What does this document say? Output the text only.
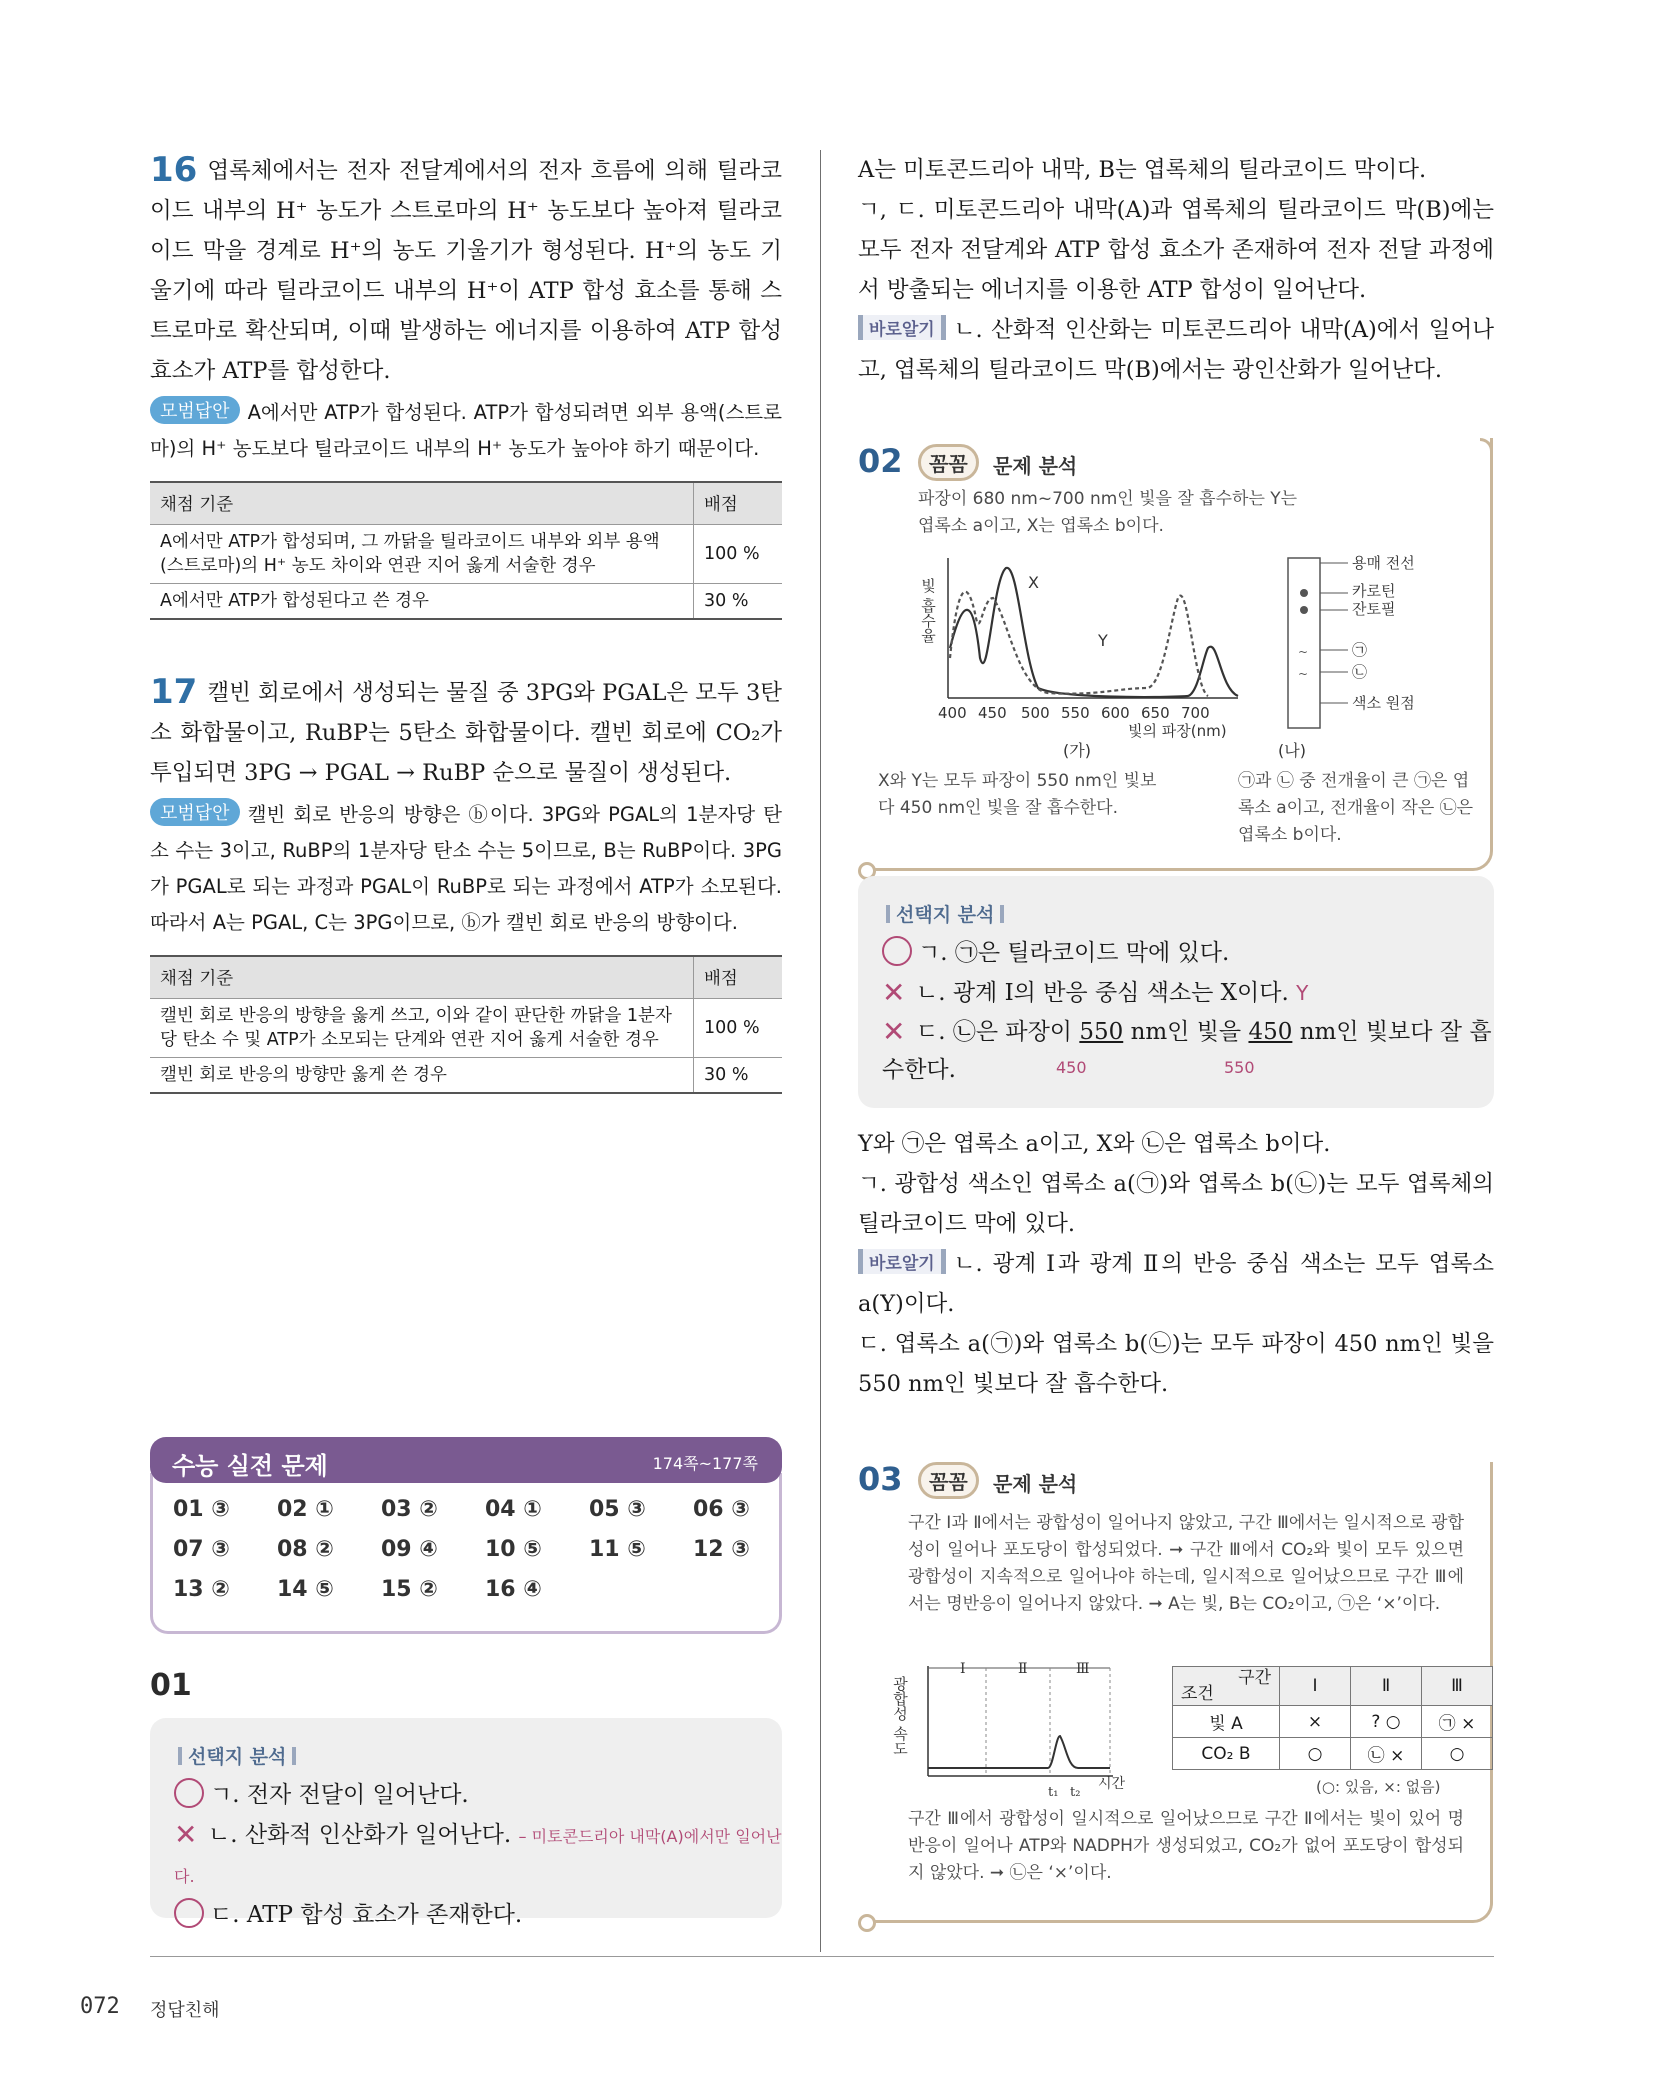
16 엽록체에서는 전자 전달계에서의 전자 흐름에 의해 틸라코이드 내부의 H⁺ 농도가 스트로마의 H⁺ 농도보다 높아져 틸라코이드 막을 경계로 H⁺의 농도 기울기가 형성된다. H⁺의 농도 기울기에 따라 틸라코이드 내부의 H⁺이 ATP 합성 효소를 통해 스트로마로 확산되며, 이때 발생하는 에너지를 이용하여 ATP 합성 효소가 ATP를 합성한다.

모범답안 A에서만 ATP가 합성된다. ATP가 합성되려면 외부 용액(스트로마)의 H⁺ 농도보다 틸라코이드 내부의 H⁺ 농도가 높아야 하기 때문이다.

채점 기준	배점
A에서만 ATP가 합성되며, 그 까닭을 틸라코이드 내부와 외부 용액(스트로마)의 H⁺ 농도 차이와 연관 지어 옳게 서술한 경우	100 %
A에서만 ATP가 합성된다고 쓴 경우	30 %

17 캘빈 회로에서 생성되는 물질 중 3PG와 PGAL은 모두 3탄소 화합물이고, RuBP는 5탄소 화합물이다. 캘빈 회로에 CO₂가 투입되면 3PG → PGAL → RuBP 순으로 물질이 생성된다.

모범답안 캘빈 회로 반응의 방향은 ⓑ이다. 3PG와 PGAL의 1분자당 탄소 수는 3이고, RuBP의 1분자당 탄소 수는 5이므로, B는 RuBP이다. 3PG가 PGAL로 되는 과정과 PGAL이 RuBP로 되는 과정에서 ATP가 소모된다. 따라서 A는 PGAL, C는 3PG이므로, ⓑ가 캘빈 회로 반응의 방향이다.

채점 기준	배점
캘빈 회로 반응의 방향을 옳게 쓰고, 이와 같이 판단한 까닭을 1분자당 탄소 수 및 ATP가 소모되는 단계와 연관 지어 옳게 서술한 경우	100 %
캘빈 회로 반응의 방향만 옳게 쓴 경우	30 %
수능 실전 문제	174쪽~177쪽
01 ③	02 ①	03 ②	04 ①	05 ③	06 ③
07 ③	08 ②	09 ④	10 ⑤	11 ⑤	12 ③
13 ②	14 ⑤	15 ②	16 ④
01
선택지 분석
ㄱ. 전자 전달이 일어난다.
✕ ㄴ. 산화적 인산화가 일어난다. – 미토콘드리아 내막(A)에서만 일어난다.
ㄷ. ATP 합성 효소가 존재한다.

A는 미토콘드리아 내막, B는 엽록체의 틸라코이드 막이다.

ㄱ, ㄷ. 미토콘드리아 내막(A)과 엽록체의 틸라코이드 막(B)에는 모두 전자 전달계와 ATP 합성 효소가 존재하여 전자 전달 과정에서 방출되는 에너지를 이용한 ATP 합성이 일어난다.

바로알기 ㄴ. 산화적 인산화는 미토콘드리아 내막(A)에서 일어나고, 엽록체의 틸라코이드 막(B)에서는 광인산화가 일어난다.

02	꼼꼼	문제 분석
파장이 680 nm~700 nm인 빛을 잘 흡수하는 Y는 엽록소 a이고, X는 엽록소 b이다.
빛 흡수율	X
Y
400 450 500 550 600 650 700
빛의 파장(nm)
(가)
~
~
용매 전선
카로틴
잔토필
㉠
㉡
색소 원점
(나)
X와 Y는 모두 파장이 550 nm인 빛보다 450 nm인 빛을 잘 흡수한다.
㉠과 ㉡ 중 전개율이 큰 ㉠은 엽록소 a이고, 전개율이 작은 ㉡은 엽록소 b이다.
선택지 분석
ㄱ. ㉠은 틸라코이드 막에 있다.
✕ ㄴ. 광계 Ⅰ의 반응 중심 색소는 X이다. Y
✕ ㄷ. ㉡은 파장이 550 nm인 빛을 450 nm인 빛보다 잘 흡수한다.	450	550

Y와 ㉠은 엽록소 a이고, X와 ㉡은 엽록소 b이다.

ㄱ. 광합성 색소인 엽록소 a(㉠)와 엽록소 b(㉡)는 모두 엽록체의 틸라코이드 막에 있다.

바로알기 ㄴ. 광계 Ⅰ과 광계 Ⅱ의 반응 중심 색소는 모두 엽록소 a(Y)이다.

ㄷ. 엽록소 a(㉠)와 엽록소 b(㉡)는 모두 파장이 450 nm인 빛을 550 nm인 빛보다 잘 흡수한다.

03	꼼꼼	문제 분석
구간 Ⅰ과 Ⅱ에서는 광합성이 일어나지 않았고, 구간 Ⅲ에서는 일시적으로 광합성이 일어나 포도당이 합성되었다. ➞ 구간 Ⅲ에서 CO₂와 빛이 모두 있으면 광합성이 지속적으로 일어나야 하는데, 일시적으로 일어났으므로 구간 Ⅲ에서는 명반응이 일어나지 않았다. ➞ A는 빛, B는 CO₂이고, ㉠은 ‘×’이다.
광합성 속도
Ⅰ	Ⅱ	Ⅲ
t₁ t₂
시간
구간
조건	Ⅰ	Ⅱ	Ⅲ
빛 A	×	? ○	㉠ ×
CO₂ B	○	㉡ ×	○
(○: 있음, ×: 없음)
구간 Ⅲ에서 광합성이 일시적으로 일어났으므로 구간 Ⅱ에서는 빛이 있어 명반응이 일어나 ATP와 NADPH가 생성되었고, CO₂가 없어 포도당이 합성되지 않았다. ➞ ㉡은 ‘×’이다.
072 정답친해
